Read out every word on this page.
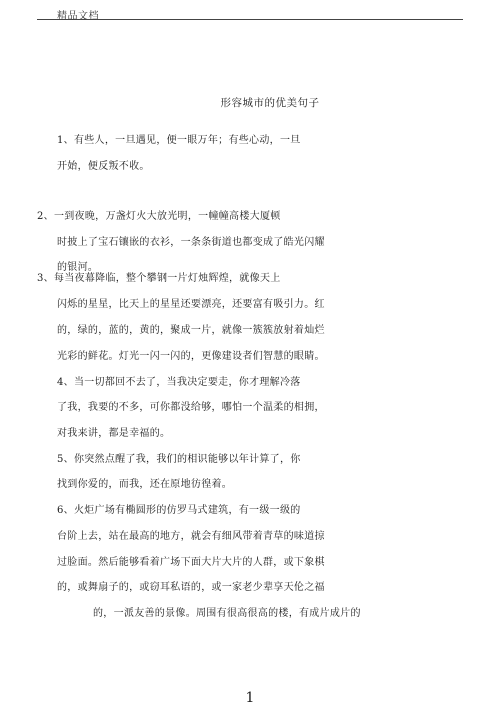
精品文档
形容城市的优美句子
1、有些人，一旦遇见，便一眼万年；有些心动，一旦
开始，便反叛不收。
2、一到夜晚，万盏灯火大放光明，一幢幢高楼大厦顿
时披上了宝石镶嵌的衣衫，一条条街道也都变成了皓光闪耀
的银河。
3、每当夜幕降临，整个攀钢一片灯烛辉煌，就像天上
闪烁的星星，比天上的星星还要漂亮，还要富有吸引力。红
的，绿的，蓝的，黄的，聚成一片，就像一簇簇放射着灿烂
光彩的鲜花。灯光一闪一闪的，更像建设者们智慧的眼睛。
4、当一切都回不去了，当我决定要走，你才理解冷落
了我，我要的不多，可你都没给够，哪怕一个温柔的相拥，
对我来讲，都是幸福的。
5、你突然点醒了我，我们的相识能够以年计算了，你
找到你爱的，而我，还在原地彷徨着。
6、火炬广场有椭圆形的仿罗马式建筑，有一级一级的
台阶上去，站在最高的地方，就会有细风带着青草的味道掠
过脸面。然后能够看着广场下面大片大片的人群，或下象棋
的，或舞扇子的，或窃耳私语的，或一家老少辈享天伦之福
的，一派友善的景像。周围有很高很高的楼，有成片成片的
1
